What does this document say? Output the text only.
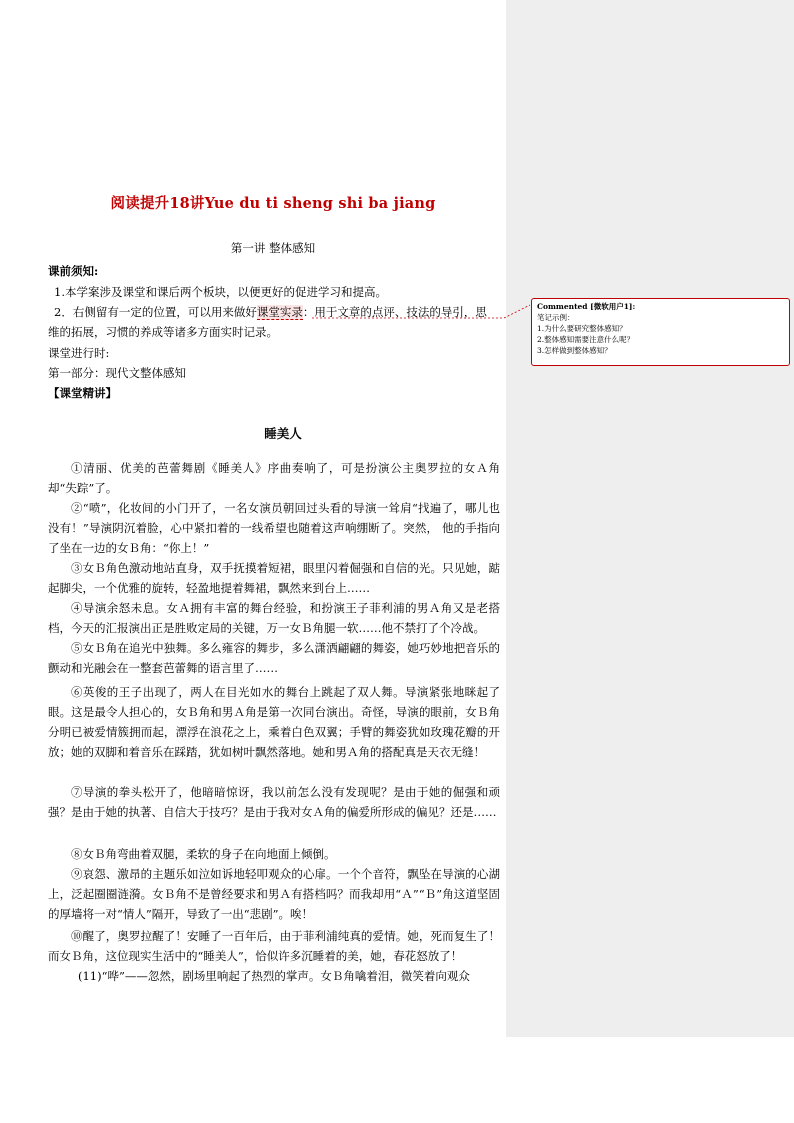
阅读提升18讲Yue du ti sheng shi ba jiang
第一讲 整体感知
课前须知:
1.本学案涉及课堂和课后两个板块，以便更好的促进学习和提高。
2．右侧留有一定的位置，可以用来做好课堂实录：用于文章的点评、技法的导引，思
维的拓展，习惯的养成等诸多方面实时记录。
课堂进行时:
第一部分：现代文整体感知
【课堂精讲】
睡美人
①清丽、优美的芭蕾舞剧《睡美人》序曲奏响了，可是扮演公主奥罗拉的女Ａ角却“失踪”了。
②“喷”，化妆间的小门开了，一名女演员朝回过头看的导演一耸肩“找遍了，哪儿也没有！”导演阴沉着脸，心中紧扣着的一线希望也随着这声响绷断了。突然， 他的手指向了坐在一边的女Ｂ角：“你上！”
③女Ｂ角色激动地站直身，双手抚摸着短裙，眼里闪着倔强和自信的光。只见她，踮起脚尖，一个优雅的旋转，轻盈地提着舞裙，飘然来到台上……
④导演余怒未息。女Ａ拥有丰富的舞台经验，和扮演王子菲利浦的男Ａ角又是老搭档，今天的汇报演出正是胜败定局的关键，万一女Ｂ角腿一软……他不禁打了个冷战。
⑤女Ｂ角在追光中独舞。多么雍容的舞步，多么潇洒翩翩的舞姿，她巧妙地把音乐的颤动和光融会在一整套芭蕾舞的语言里了……
⑥英俊的王子出现了，两人在目光如水的舞台上跳起了双人舞。导演紧张地眯起了眼。这是最令人担心的，女Ｂ角和男Ａ角是第一次同台演出。奇怪，导演的眼前，女Ｂ角分明已被爱情簇拥而起，漂浮在浪花之上，乘着白色双翼；手臂的舞姿犹如玫瑰花瓣的开放；她的双脚和着音乐在踩踏，犹如树叶飘然落地。她和男Ａ角的搭配真是天衣无缝！
⑦导演的拳头松开了，他暗暗惊讶，我以前怎么没有发现呢？是由于她的倔强和顽强？是由于她的执著、自信大于技巧？是由于我对女Ａ角的偏爱所形成的偏见？还是……
⑧女Ｂ角弯曲着双腿，柔软的身子在向地面上倾倒。
⑨哀怨、激昂的主题乐如泣如诉地轻叩观众的心扉。一个个音符，飘坠在导演的心湖上，泛起圈圈涟漪。女Ｂ角不是曾经要求和男Ａ有搭档吗？而我却用“Ａ”“Ｂ”角这道坚固的厚墙将一对“情人”隔开，导致了一出“悲剧”。唉！
⑩醒了，奥罗拉醒了！安睡了一百年后，由于菲利浦纯真的爱情。她，死而复生了！而女Ｂ角，这位现实生活中的“睡美人”，恰似许多沉睡着的美，她，春花怒放了！
(11)“哗”——忽然，剧场里响起了热烈的掌声。女Ｂ角噙着泪，微笑着向观众
Commented [微软用户1]:
笔记示例：
1.为什么要研究整体感知？
2.整体感知需要注意什么呢？
3.怎样做到整体感知？
